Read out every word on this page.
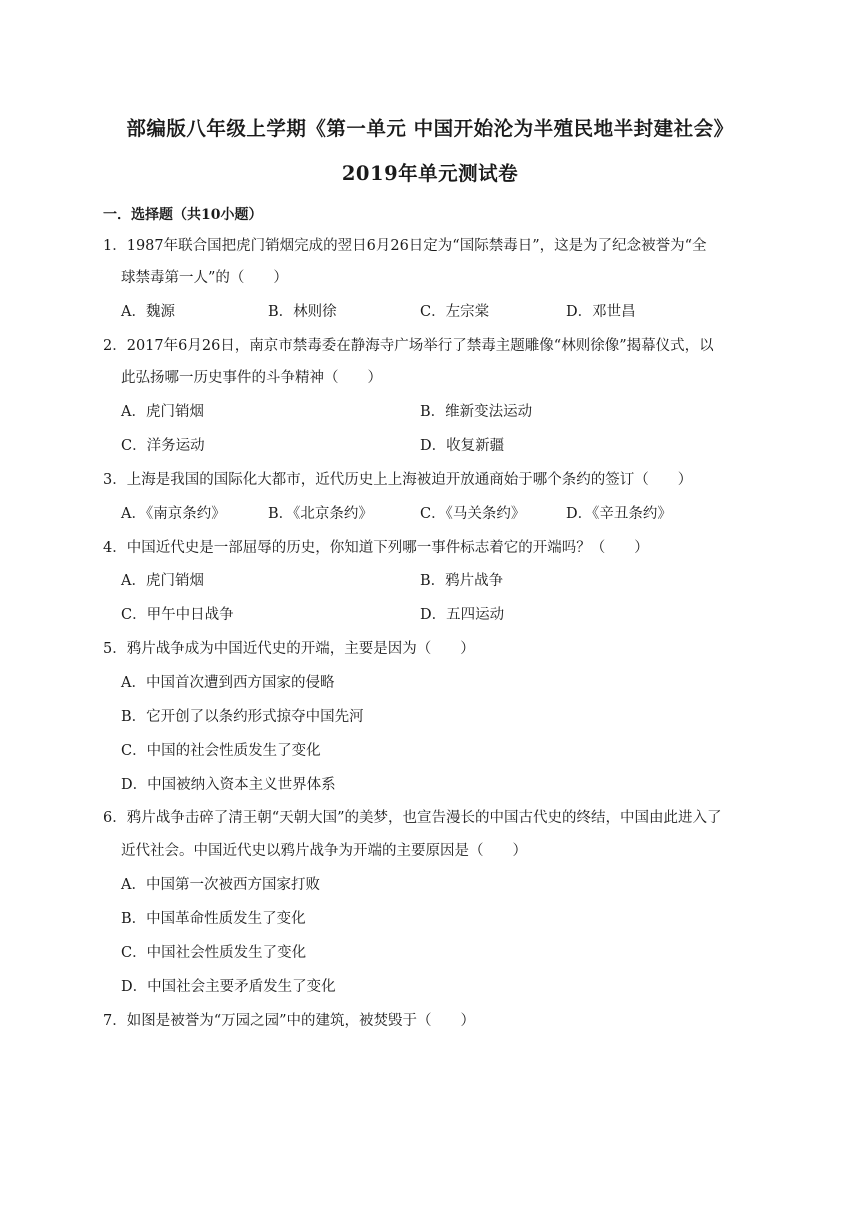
部编版八年级上学期《第一单元 中国开始沦为半殖民地半封建社会》
2019年单元测试卷
一．选择题（共10小题）
1．1987年联合国把虎门销烟完成的翌日6月26日定为“国际禁毒日”，这是为了纪念被誉为“全
球禁毒第一人”的（　　）
A．魏源	B．林则徐	C．左宗棠	D．邓世昌
2．2017年6月26日，南京市禁毒委在静海寺广场举行了禁毒主题雕像“林则徐像”揭幕仪式，以
此弘扬哪一历史事件的斗争精神（　　）
A．虎门销烟	B．维新变法运动
C．洋务运动	D．收复新疆
3．上海是我国的国际化大都市，近代历史上上海被迫开放通商始于哪个条约的签订（　　）
A．《南京条约》	B．《北京条约》	C．《马关条约》	D．《辛丑条约》
4．中国近代史是一部屈辱的历史，你知道下列哪一事件标志着它的开端吗？（　　）
A．虎门销烟	B．鸦片战争
C．甲午中日战争	D．五四运动
5．鸦片战争成为中国近代史的开端，主要是因为（　　）
A．中国首次遭到西方国家的侵略
B．它开创了以条约形式掠夺中国先河
C．中国的社会性质发生了变化
D．中国被纳入资本主义世界体系
6．鸦片战争击碎了清王朝“天朝大国”的美梦，也宣告漫长的中国古代史的终结，中国由此进入了
近代社会。中国近代史以鸦片战争为开端的主要原因是（　　）
A．中国第一次被西方国家打败
B．中国革命性质发生了变化
C．中国社会性质发生了变化
D．中国社会主要矛盾发生了变化
7．如图是被誉为“万园之园”中的建筑，被焚毁于（　　）
